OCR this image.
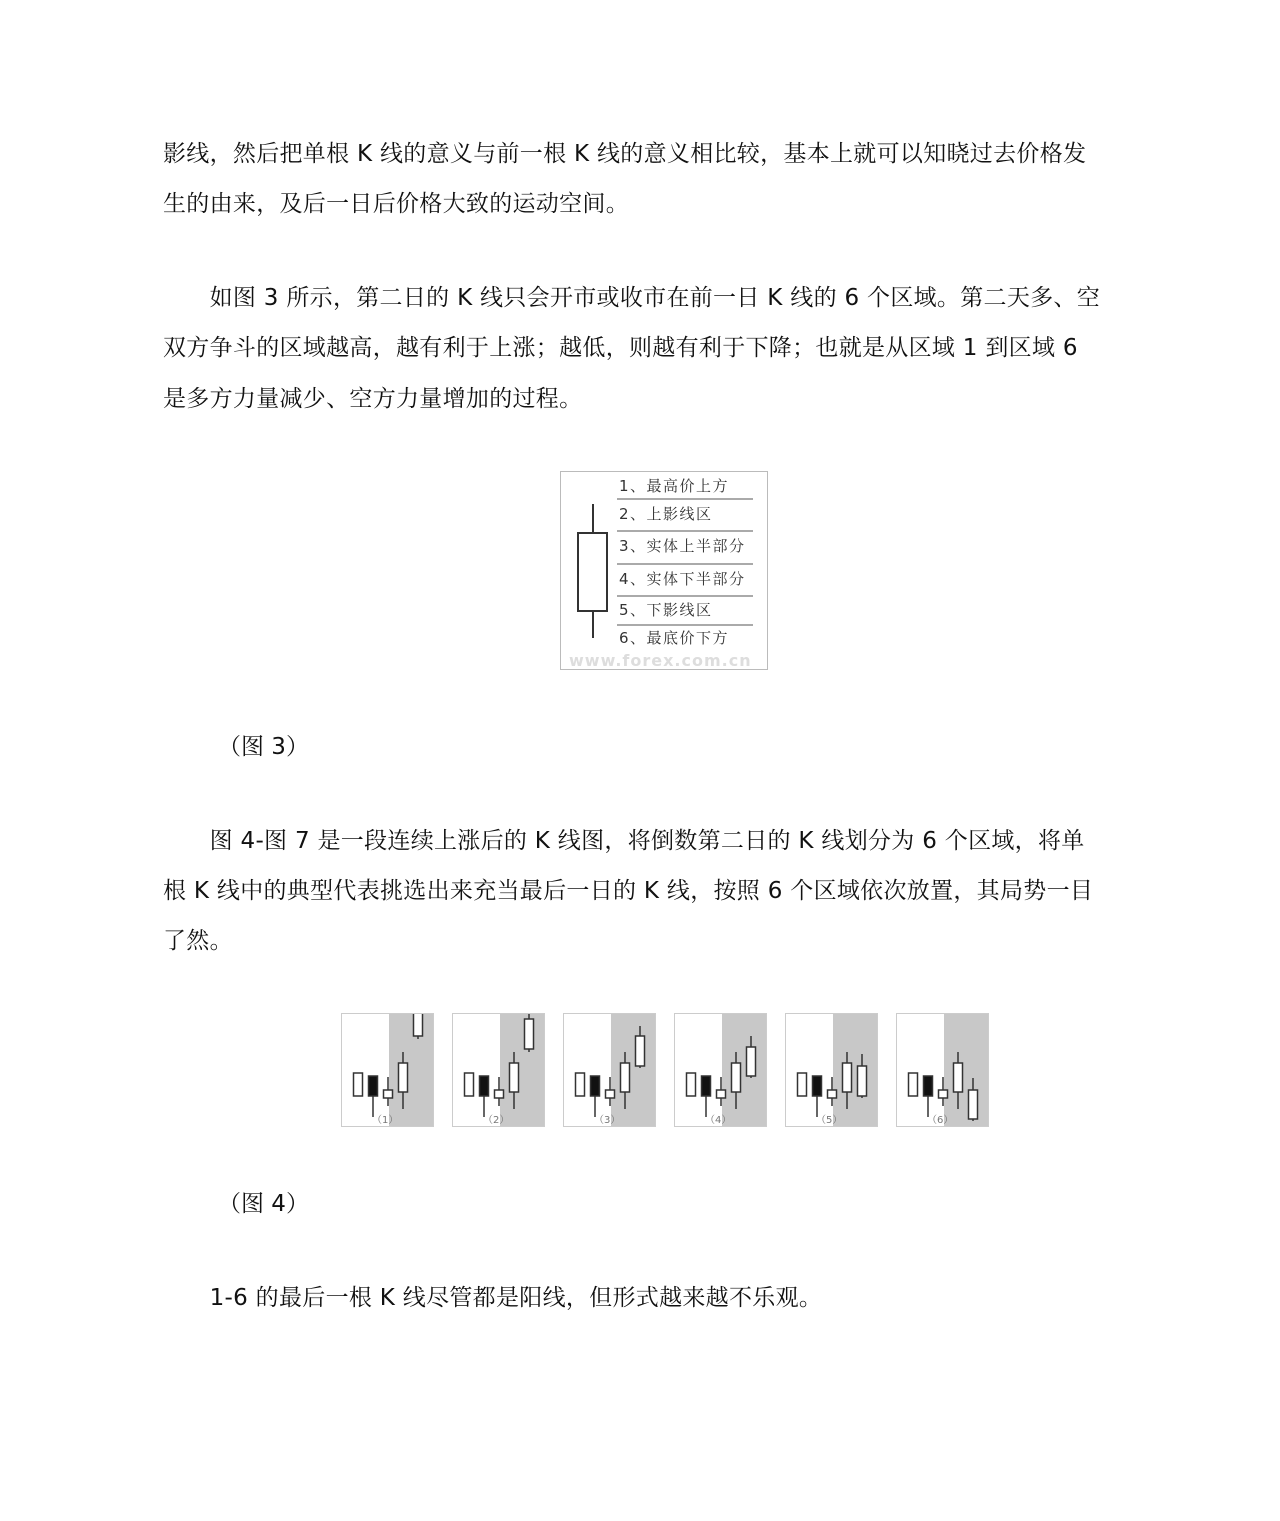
影线，然后把单根 K 线的意义与前一根 K 线的意义相比较，基本上就可以知晓过去价格发
生的由来，及后一日后价格大致的运动空间。
　　如图 3 所示，第二日的 K 线只会开市或收市在前一日 K 线的 6 个区域。第二天多、空
双方争斗的区域越高，越有利于上涨；越低，则越有利于下降；也就是从区域 1 到区域 6
是多方力量减少、空方力量增加的过程。
　　图 4-图 7 是一段连续上涨后的 K 线图，将倒数第二日的 K 线划分为 6 个区域，将单
根 K 线中的典型代表挑选出来充当最后一日的 K 线，按照 6 个区域依次放置，其局势一目
了然。
　　1-6 的最后一根 K 线尽管都是阳线，但形式越来越不乐观。
1、最高价上方
2、上影线区
3、实体上半部分
4、实体下半部分
5、下影线区
6、最底价下方
www.forex.com.cn
（图 3）
（1）	（2）	（3）	（4）	（5）	（6）
（图 4）
